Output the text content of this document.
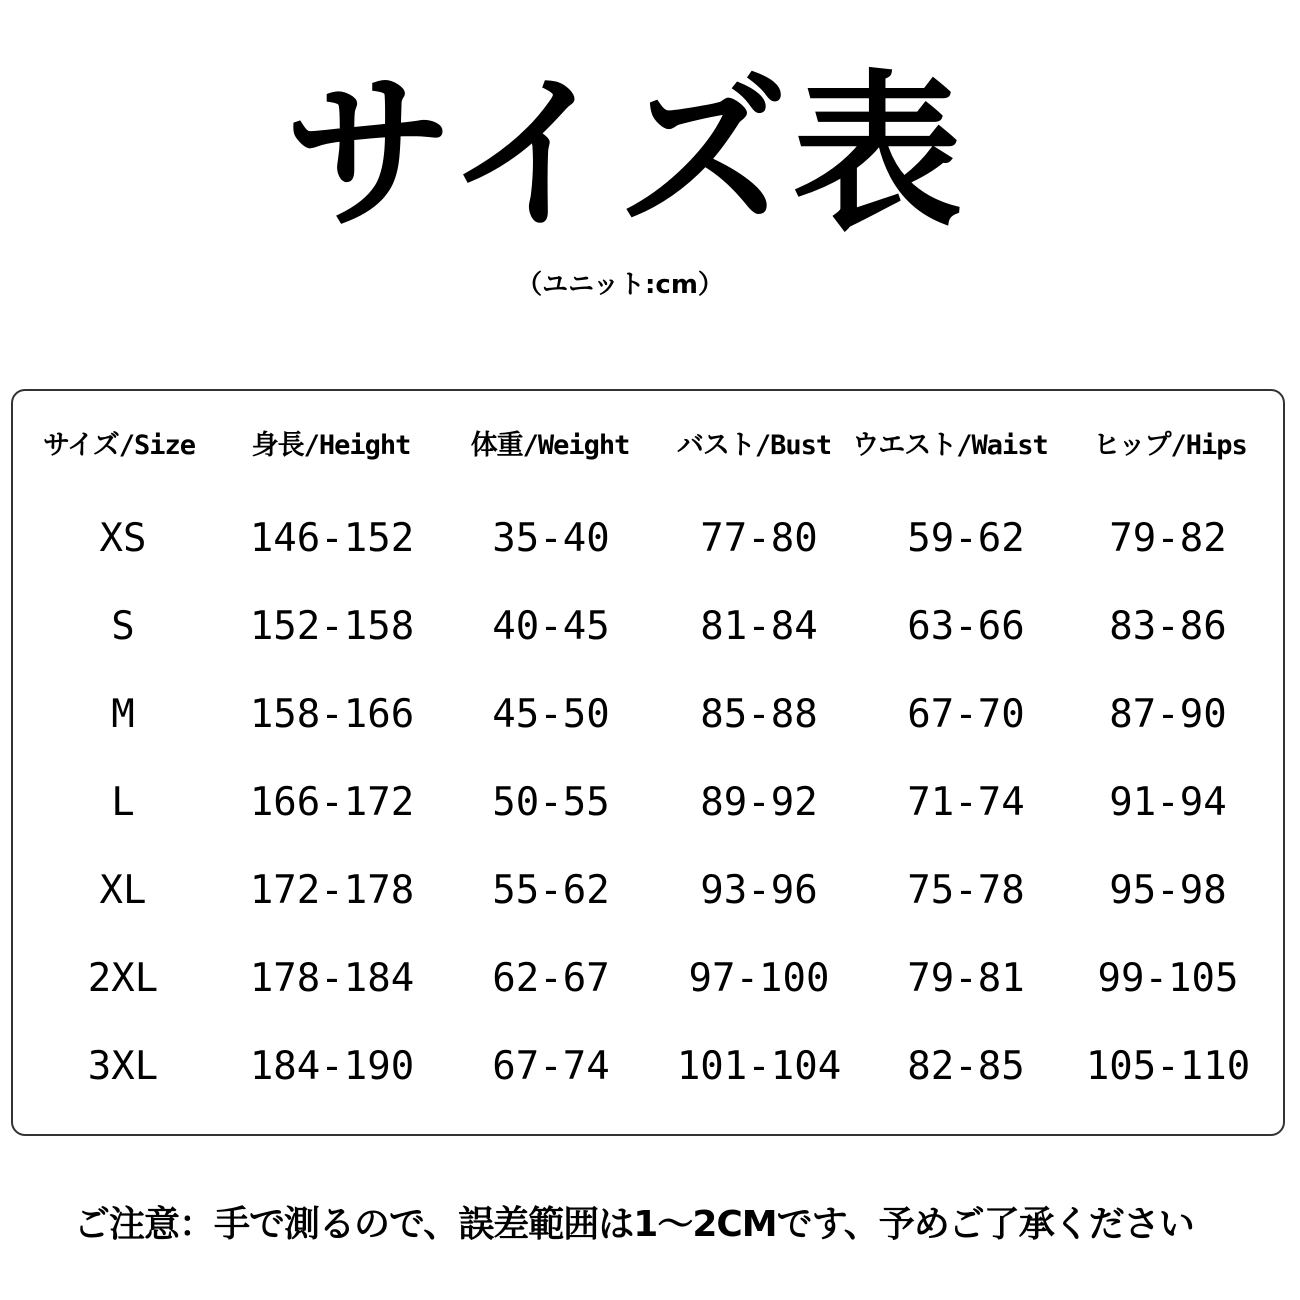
サイズ表
（ユニット:cm）
サイズ/Size 身長/Height 体重/Weight バスト/Bust ウエスト/Waist ヒップ/Hips
XS	146-152 35-40 77-80 59-62 79-82
S	152-158 40-45 81-84 63-66 83-86
M	158-166 45-50 85-88 67-70 87-90
L	166-172 50-55 89-92 71-74 91-94
XL	172-178 55-62 93-96 75-78 95-98
2XL 178-184 62-67 97-100 79-81 99-105
3XL 184-190 67-74 101-104 82-85 105-110
ご注意：手で測るので、誤差範囲は1～2CMです、予めご了承ください
